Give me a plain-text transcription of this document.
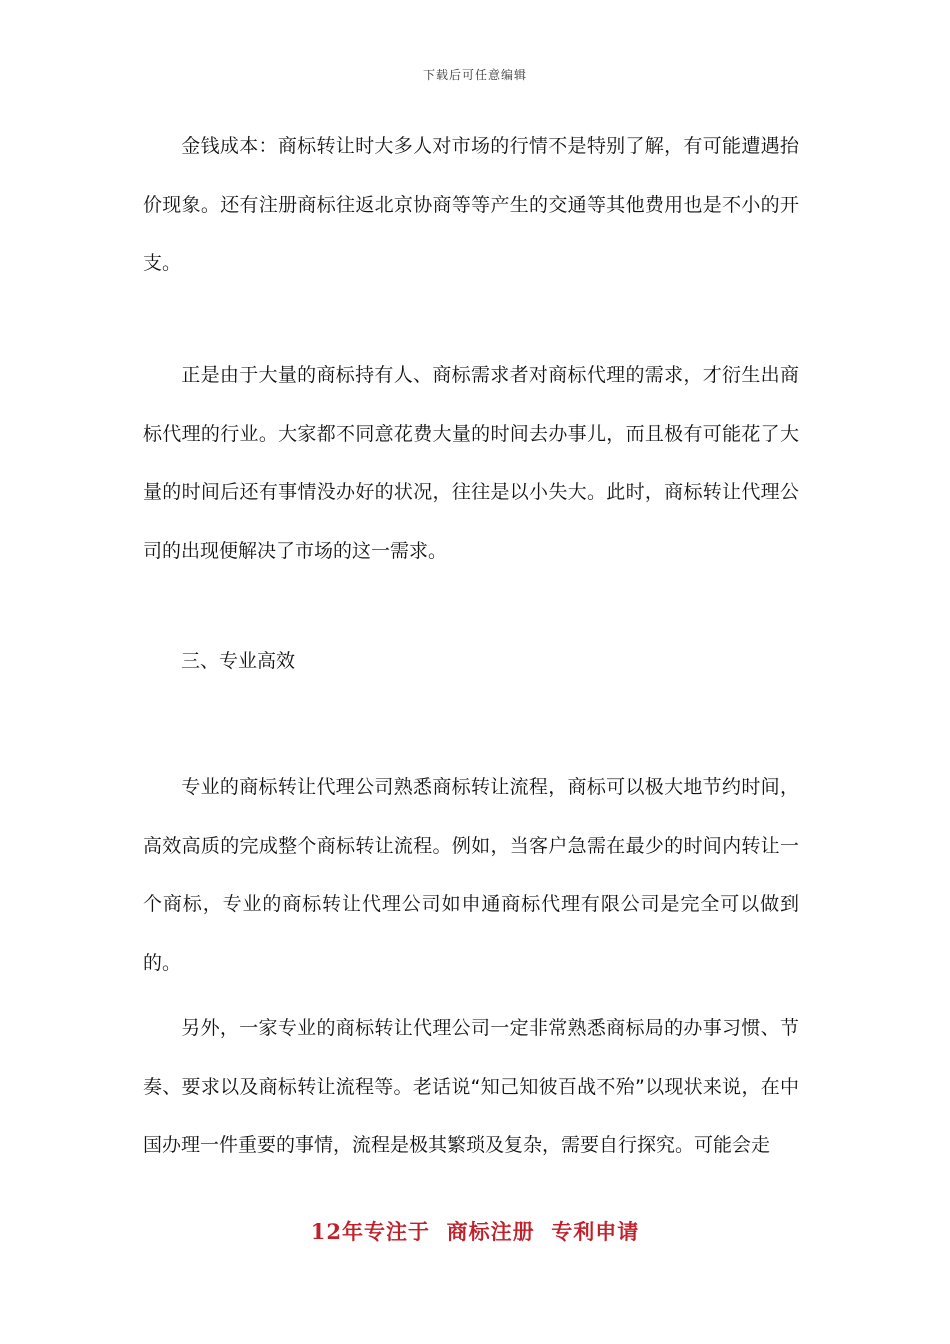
下载后可任意编辑

金钱成本：商标转让时大多人对市场的行情不是特别了解，有可能遭遇抬价现象。还有注册商标往返北京协商等等产生的交通等其他费用也是不小的开支。

正是由于大量的商标持有人、商标需求者对商标代理的需求，才衍生出商标代理的行业。大家都不同意花费大量的时间去办事儿，而且极有可能花了大量的时间后还有事情没办好的状况，往往是以小失大。此时，商标转让代理公司的出现便解决了市场的这一需求。

三、专业高效

专业的商标转让代理公司熟悉商标转让流程，商标可以极大地节约时间，高效高质的完成整个商标转让流程。例如，当客户急需在最少的时间内转让一个商标，专业的商标转让代理公司如申通商标代理有限公司是完全可以做到的。

另外，一家专业的商标转让代理公司一定非常熟悉商标局的办事习惯、节奏、要求以及商标转让流程等。老话说“知己知彼百战不殆”以现状来说，在中国办理一件重要的事情，流程是极其繁琐及复杂，需要自行探究。可能会走

12年专注于  商标注册  专利申请
